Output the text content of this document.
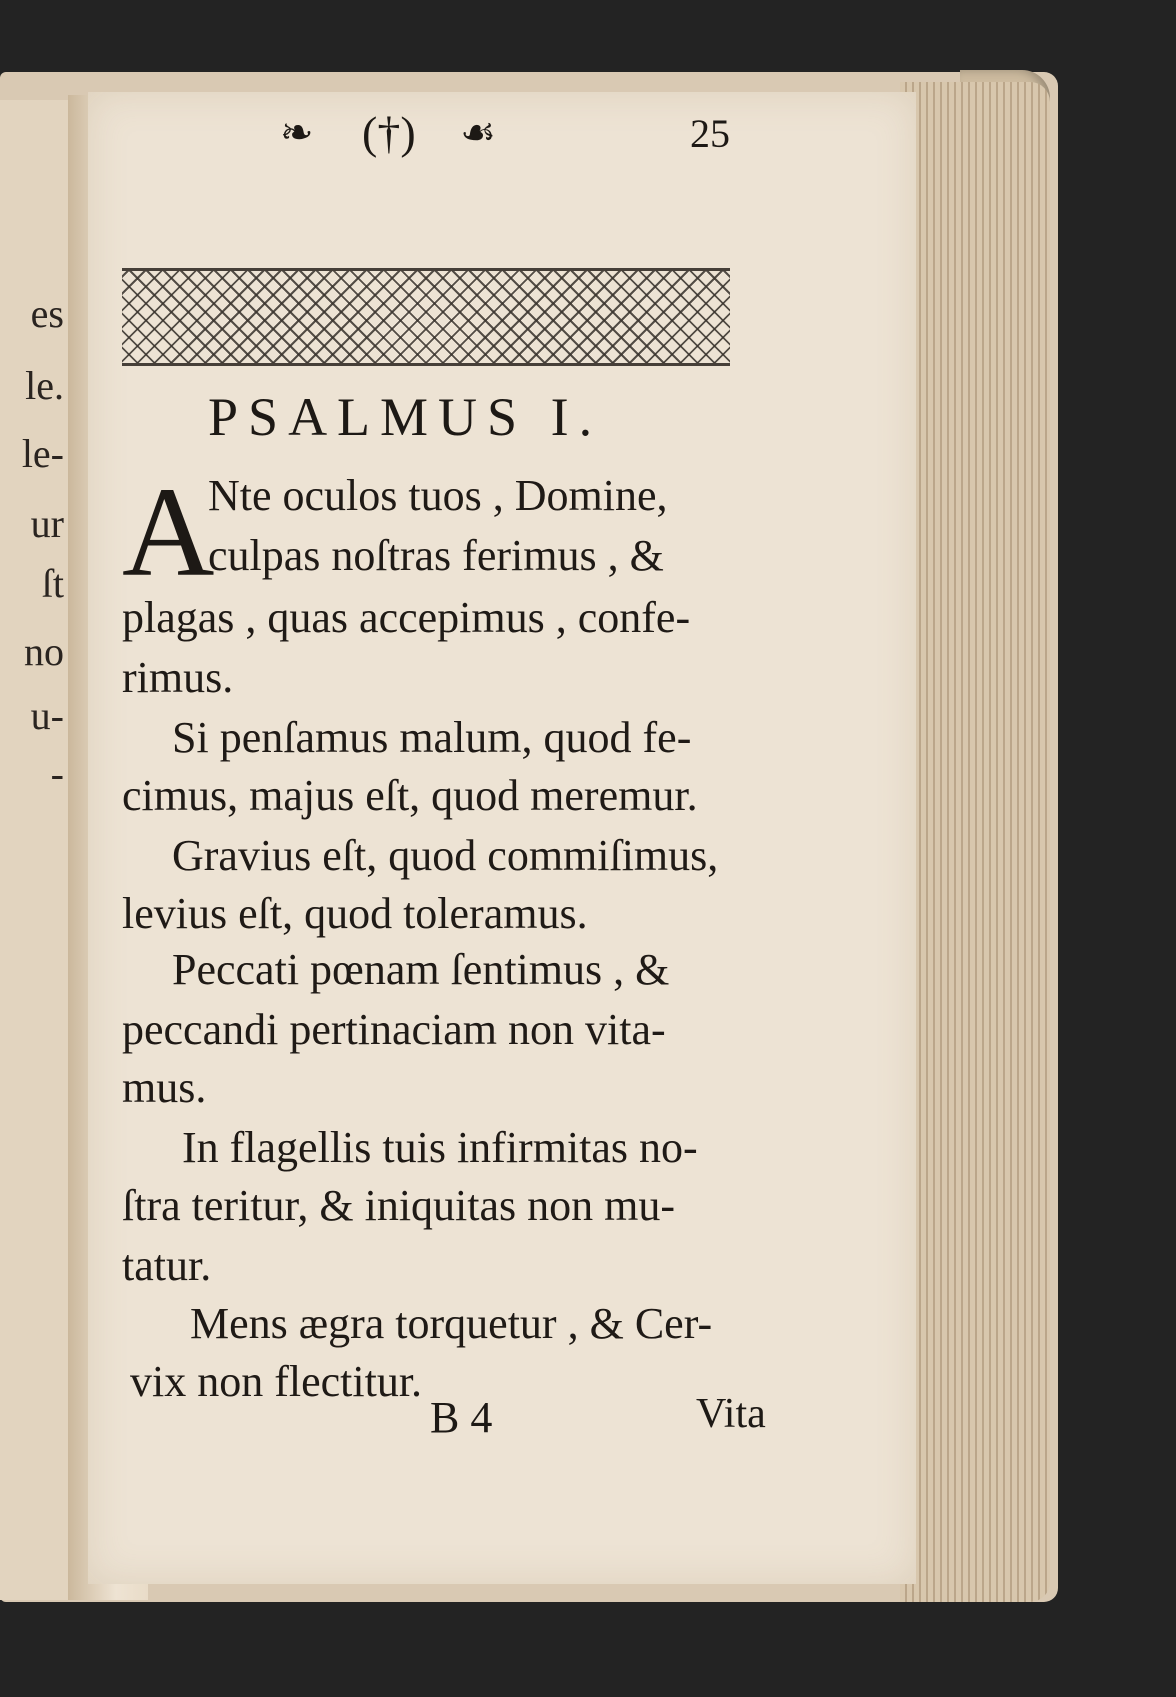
es
le.
le-
ur
ſt
no
u-
-
❧ (†) ☙	25
PSALMUS I.
A
Nte oculos tuos , Domine,
culpas noſtras ferimus , &
plagas , quas accepimus , confe-
rimus.
Si penſamus malum, quod fe-
cimus, majus eſt, quod meremur.
Gravius eſt, quod commiſimus,
levius eſt, quod toleramus.
Peccati pœnam ſentimus , &
peccandi pertinaciam non vita-
mus.
In flagellis tuis infirmitas no-
ſtra teritur, & iniquitas non mu-
tatur.
Mens ægra torquetur , & Cer-
vix non flectitur.
B 4	Vita
